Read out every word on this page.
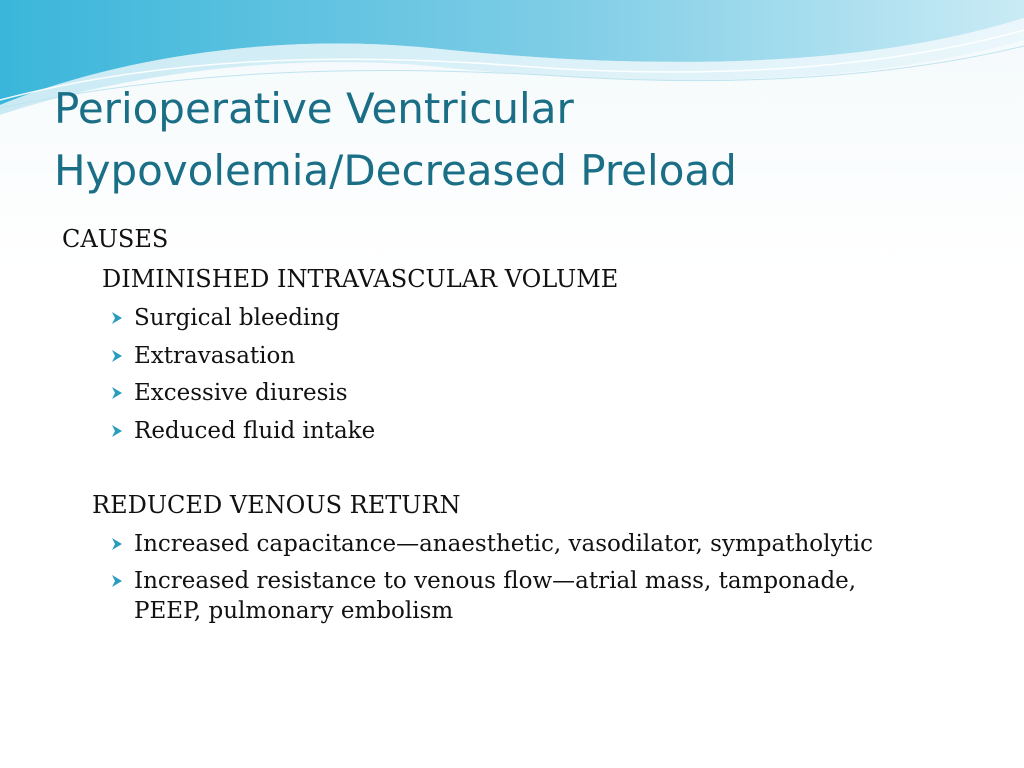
Perioperative Ventricular
Hypovolemia/Decreased Preload
CAUSES
DIMINISHED INTRAVASCULAR VOLUME
Surgical bleeding
Extravasation
Excessive diuresis
Reduced fluid intake
REDUCED VENOUS RETURN
Increased capacitance—anaesthetic, vasodilator, sympatholytic
Increased resistance to venous flow—atrial mass, tamponade, PEEP, pulmonary embolism
